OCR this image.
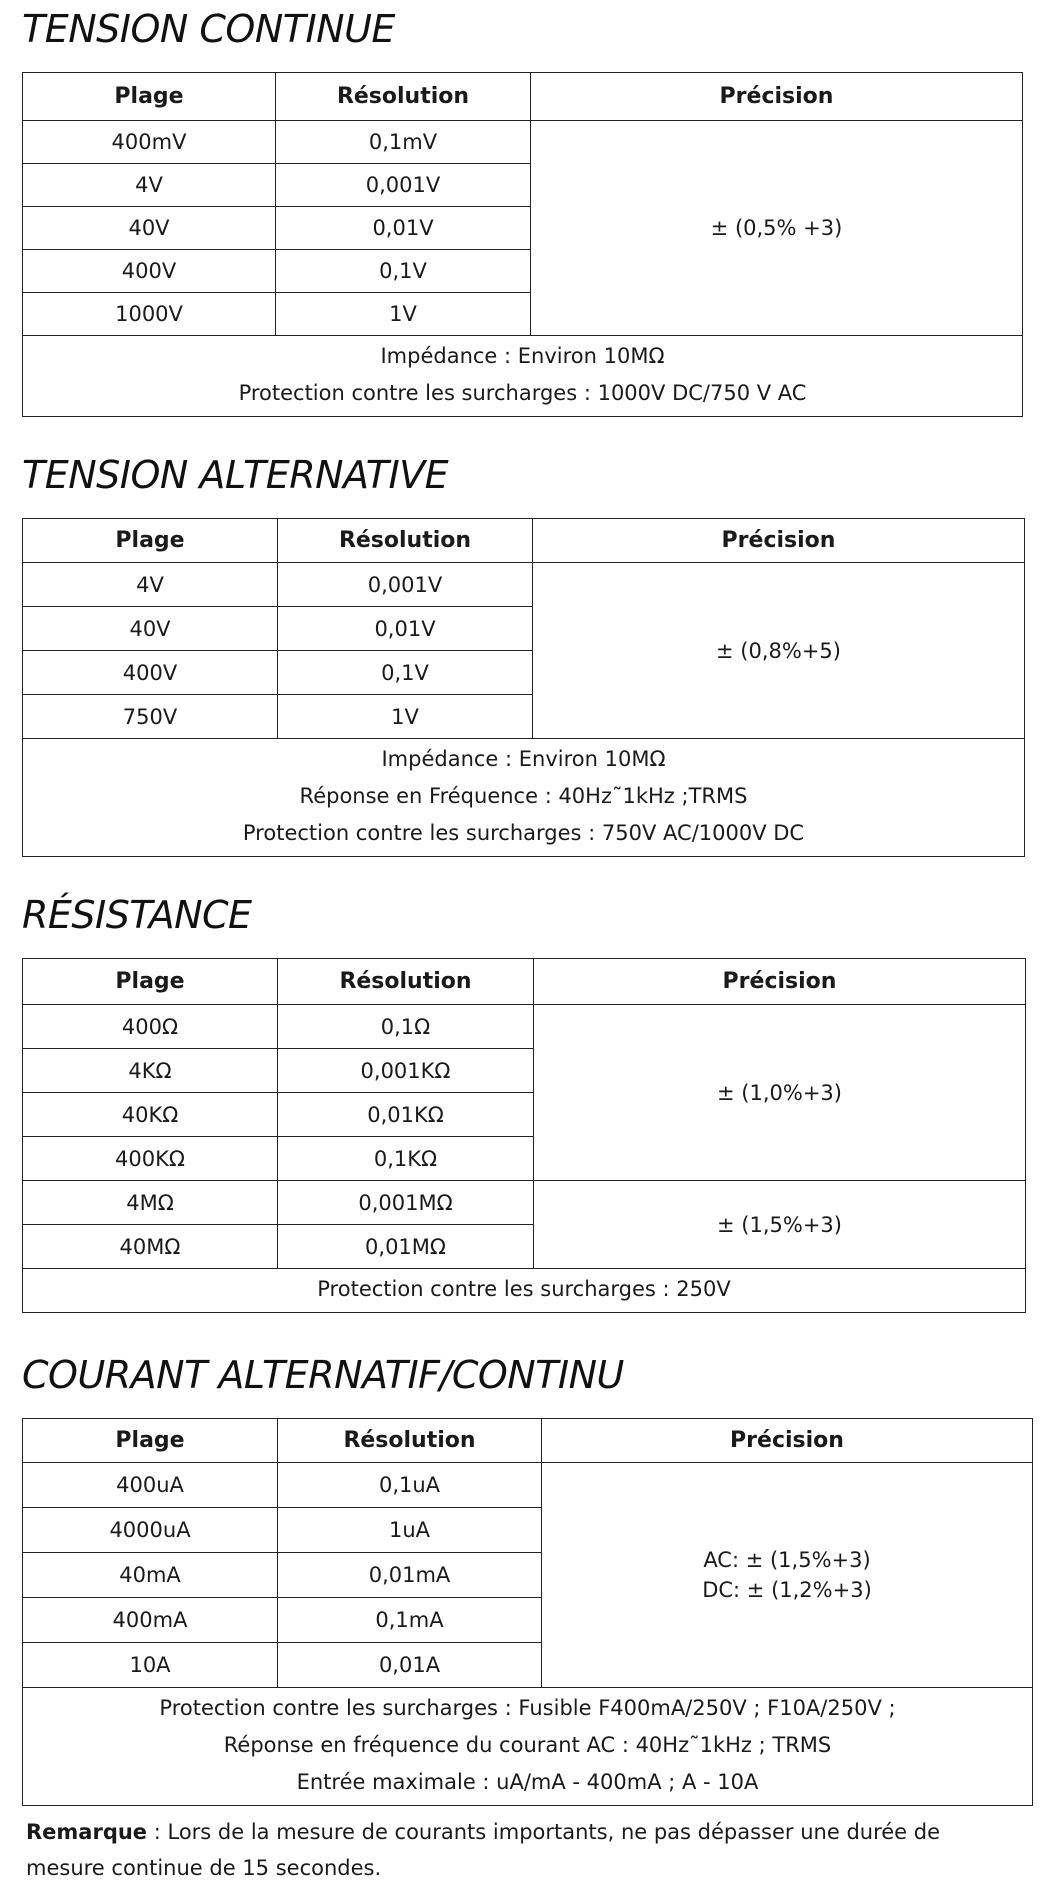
TENSION CONTINUE
Plage	Résolution	Précision
400mV	0,1mV	± (0,5% +3)
4V	0,001V	
40V	0,01V	
400V	0,1V	
1000V	1V	

Impédance : Environ 10MΩ
Protection contre les surcharges : 1000V DC/750 V AC		
TENSION ALTERNATIVE
Plage	Résolution	Précision
4V	0,001V	± (0,8%+5)
40V	0,01V	
400V	0,1V	
750V	1V	

Impédance : Environ 10MΩ
Réponse en Fréquence : 40Hz˜1kHz ;TRMS
Protection contre les surcharges : 750V AC/1000V DC		
RÉSISTANCE
Plage	Résolution	Précision
400Ω	0,1Ω	± (1,0%+3)
4KΩ	0,001KΩ	
40KΩ	0,01KΩ	
400KΩ	0,1KΩ	
4MΩ	0,001MΩ	± (1,5%+3)
40MΩ	0,01MΩ	

Protection contre les surcharges : 250V		
COURANT ALTERNATIF/CONTINU
Plage	Résolution	Précision
400uA	0,1uA	AC: ± (1,5%+3)
DC: ± (1,2%+3)

4000uA	1uA	
40mA	0,01mA	
400mA	0,1mA	
10A	0,01A	

Protection contre les surcharges : Fusible F400mA/250V ; F10A/250V ;
Réponse en fréquence du courant AC : 40Hz˜1kHz ; TRMS
Entrée maximale : uA/mA - 400mA ; A - 10A		

Remarque : Lors de la mesure de courants importants, ne pas dépasser une durée de mesure continue de 15 secondes.
